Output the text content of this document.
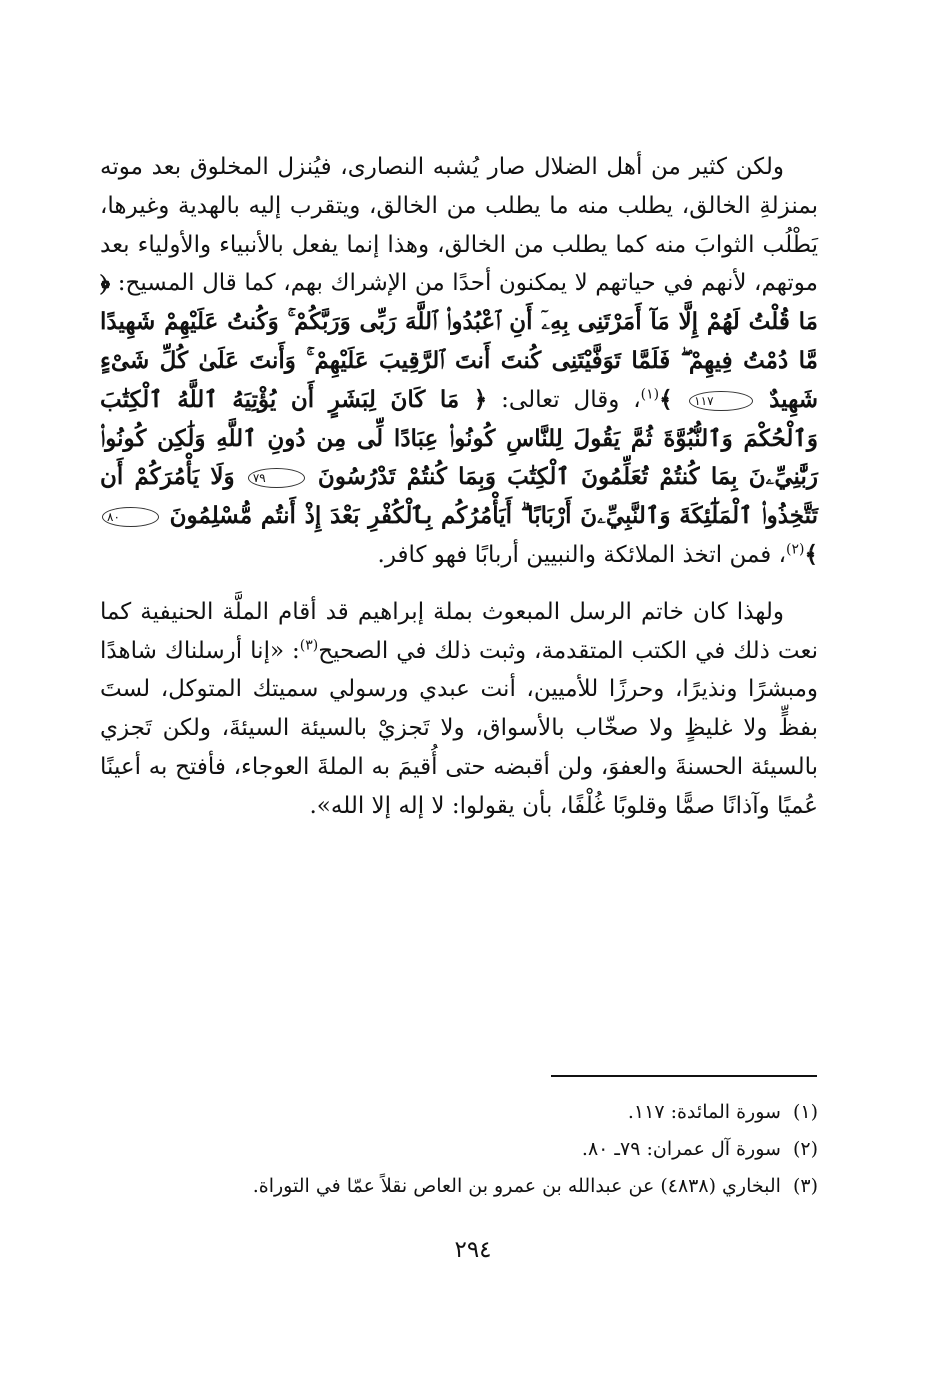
ولكن كثير من أهل الضلال صار يُشبه النصارى، فيُنزل المخلوق بعد موته بمنزلةِ الخالق، يطلب منه ما يطلب من الخالق، ويتقرب إليه بالهدية وغيرها، يَطْلُب الثوابَ منه كما يطلب من الخالق، وهذا إنما يفعل بالأنبياء والأولياء بعد موتهم، لأنهم في حياتهم لا يمكنون أحدًا من الإشراك بهم، كما قال المسيح: ﴿ مَا قُلْتُ لَهُمْ إِلَّا مَآ أَمَرْتَنِى بِهِۦٓ أَنِ ٱعْبُدُوا۟ ٱللَّهَ رَبِّى وَرَبَّكُمْ ۚ وَكُنتُ عَلَيْهِمْ شَهِيدًا مَّا دُمْتُ فِيهِمْ ۖ فَلَمَّا تَوَفَّيْتَنِى كُنتَ أَنتَ ٱلرَّقِيبَ عَلَيْهِمْ ۚ وَأَنتَ عَلَىٰ كُلِّ شَىْءٍ شَهِيدٌ ١١٧ ﴾$^{(١)}$، وقال تعالى: ﴿ مَا كَانَ لِبَشَرٍ أَن يُؤْتِيَهُ ٱللَّهُ ٱلْكِتَٰبَ وَٱلْحُكْمَ وَٱلنُّبُوَّةَ ثُمَّ يَقُولَ لِلنَّاسِ كُونُوا۟ عِبَادًا لِّى مِن دُونِ ٱللَّهِ وَلَٰكِن كُونُوا۟ رَبَّٰنِيِّۦنَ بِمَا كُنتُمْ تُعَلِّمُونَ ٱلْكِتَٰبَ وَبِمَا كُنتُمْ تَدْرُسُونَ ٧٩ وَلَا يَأْمُرَكُمْ أَن تَتَّخِذُوا۟ ٱلْمَلَٰٓئِكَةَ وَٱلنَّبِيِّۦنَ أَرْبَابًا ۗ أَيَأْمُرُكُم بِٱلْكُفْرِ بَعْدَ إِذْ أَنتُم مُّسْلِمُونَ ٨٠ ﴾$^{(٢)}$، فمن اتخذ الملائكة والنبيين أربابًا فهو كافر.

ولهذا كان خاتم الرسل المبعوث بملة إبراهيم قد أقام الملَّة الحنيفية كما نعت ذلك في الكتب المتقدمة، وثبت ذلك في الصحيح$^{(٣)}$: «إنا أرسلناك شاهدًا ومبشرًا ونذيرًا، وحرزًا للأميين، أنت عبدي ورسولي سميتك المتوكل، لستَ بفظٍّ ولا غليظٍ ولا صخّاب بالأسواق، ولا تَجزيْ بالسيئة السيئةَ، ولكن تَجزي بالسيئة الحسنةَ والعفوَ، ولن أقبضه حتى أُقيمَ به الملةَ العوجاء، فأفتح به أعينًا عُميًا وآذانًا صمًّا وقلوبًا غُلْفًا، بأن يقولوا: لا إله إلا الله».

(١)سورة المائدة: ١١٧.
(٢)سورة آل عمران: ٧٩ـ ٨٠.
(٣)البخاري (٤٨٣٨) عن عبدالله بن عمرو بن العاص نقلاً عمّا في التوراة.
٢٩٤
